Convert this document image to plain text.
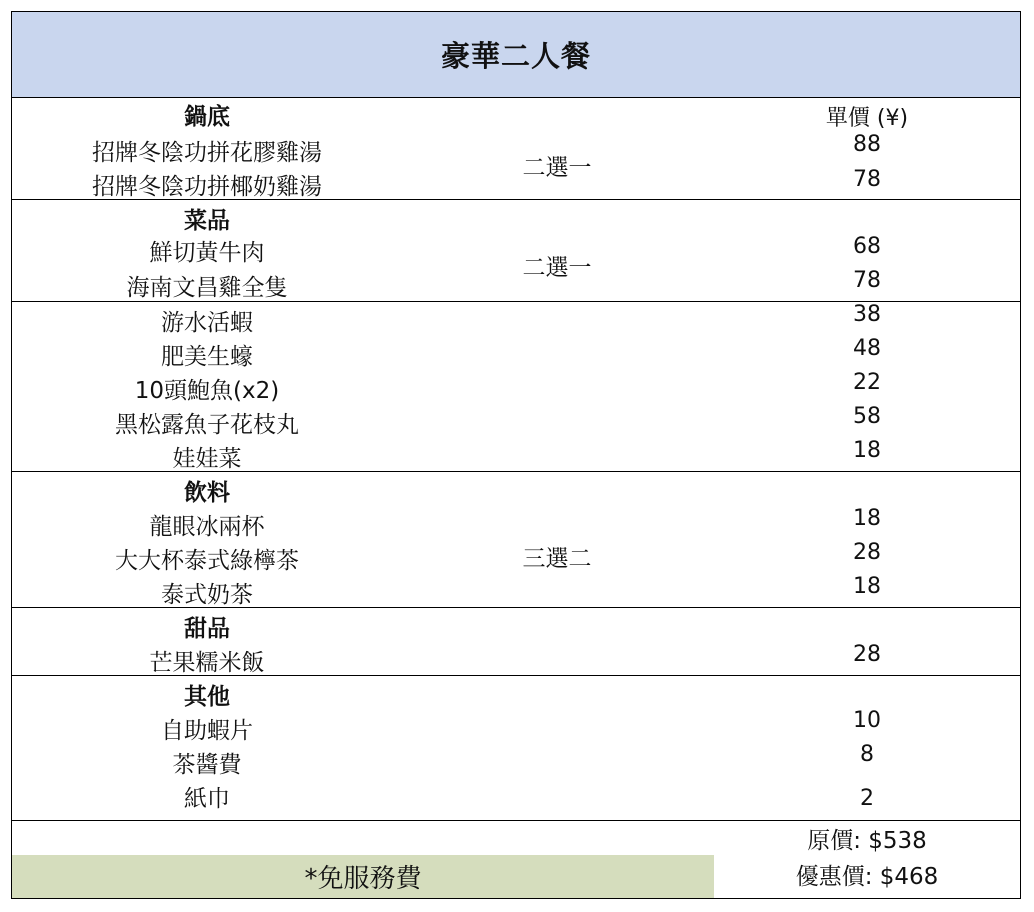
豪華二人餐
鍋底
招牌冬陰功拼花膠雞湯
招牌冬陰功拼椰奶雞湯
二選一
單價 (¥)
88
78
菜品
鮮切黃牛肉
海南文昌雞全隻
二選一
68
78
游水活蝦
肥美生蠔
10頭鮑魚(x2)
黑松露魚子花枝丸
娃娃菜
38
48
22
58
18
飲料
龍眼冰兩杯
大大杯泰式綠檸茶
泰式奶茶
三選二
18
28
18
甜品
芒果糯米飯	28
其他
自助蝦片
茶醬費
紙巾
10
8
2
*免服務費
原價: $538
優惠價: $468
